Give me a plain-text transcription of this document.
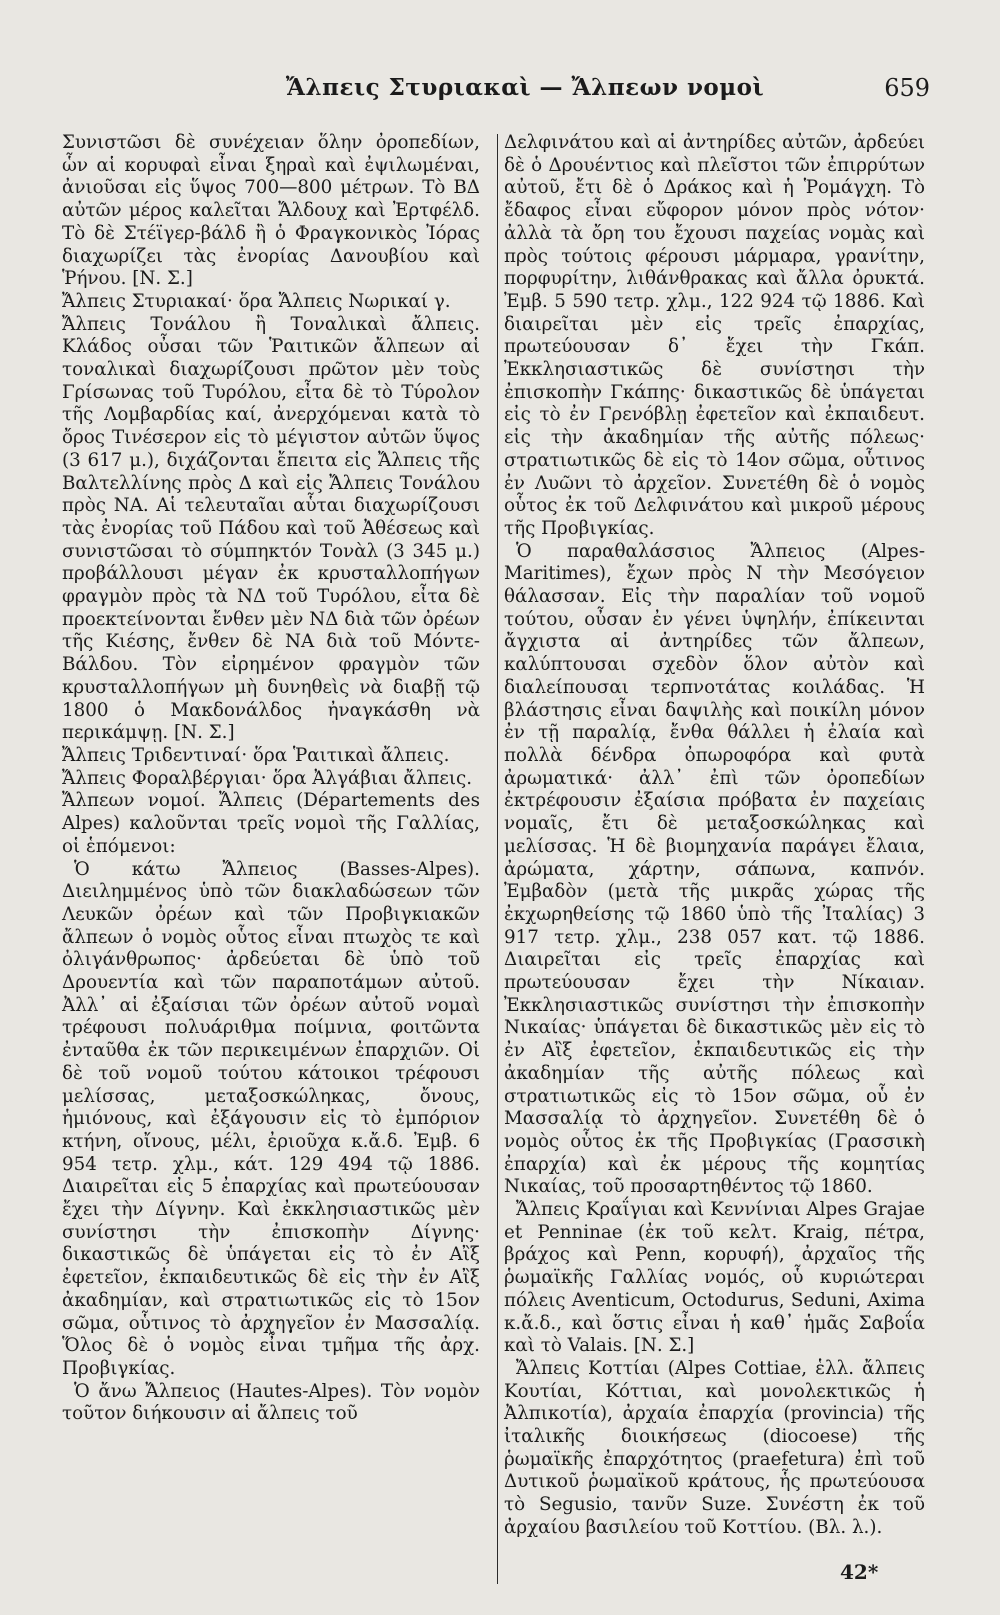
Ἄλπεις Στυριακαὶ — Ἄλπεων νομοὶ	659

Συνιστῶσι δὲ συνέχειαν ὅλην ὀροπεδίων, ὧν αἱ κορυφαὶ εἶναι ξηραὶ καὶ ἐψιλωμέναι, ἀνιοῦσαι εἰς ὕψος 700—800 μέτρων. Τὸ ΒΔ αὐτῶν μέρος καλεῖται Ἄλδουχ καὶ Ἐρτφέλδ. Τὸ δὲ Στέϊγερ-βάλδ ἢ ὁ Φραγκονικὸς Ἰόρας διαχωρίζει τὰς ἐνορίας Δανουβίου καὶ Ῥήνου. [Ν. Σ.]

Ἄλπεις Στυριακαί· ὅρα Ἄλπεις Νωρικαί γ.

Ἄλπεις Τονάλου ἢ Τοναλικαὶ ἄλπεις. Κλάδος οὖσαι τῶν Ῥαιτικῶν ἄλπεων αἱ τοναλικαὶ διαχωρίζουσι πρῶτον μὲν τοὺς Γρίσωνας τοῦ Τυρόλου, εἶτα δὲ τὸ Τύρολον τῆς Λομβαρδίας καί, ἀνερχόμεναι κατὰ τὸ ὄρος Τινέσερον εἰς τὸ μέγιστον αὐτῶν ὕψος (3 617 μ.), διχάζονται ἔπειτα εἰς Ἄλπεις τῆς Βαλτελλίνης πρὸς Δ καὶ εἰς Ἄλπεις Τονάλου πρὸς ΝΑ. Αἱ τελευταῖαι αὗται διαχωρίζουσι τὰς ἐνορίας τοῦ Πάδου καὶ τοῦ Ἀθέσεως καὶ συνιστῶσαι τὸ σύμπηκτόν Τονὰλ (3 345 μ.) προβάλλουσι μέγαν ἐκ κρυσταλλοπήγων φραγμὸν πρὸς τὰ ΝΔ τοῦ Τυρόλου, εἶτα δὲ προεκτείνονται ἔνθεν μὲν ΝΔ διὰ τῶν ὀρέων τῆς Κιέσης, ἔνθεν δὲ ΝΑ διὰ τοῦ Μόντε-Βάλδου. Τὸν εἰρημένον φραγμὸν τῶν κρυσταλλοπήγων μὴ δυνηθεὶς νὰ διαβῇ τῷ 1800 ὁ Μακδονάλδος ἠναγκάσθη νὰ περικάμψῃ. [Ν. Σ.]

Ἄλπεις Τριδεντιναί· ὅρα Ῥαιτικαὶ ἄλπεις.

Ἄλπεις Φοραλβέργιαι· ὅρα Ἀλγάβιαι ἄλπεις.

Ἄλπεων νομοί. Ἄλπεις (Départements des Alpes) καλοῦνται τρεῖς νομοὶ τῆς Γαλλίας, οἱ ἑπόμενοι:

Ὁ κάτω Ἄλπειος (Basses-Alpes). Διειλημμένος ὑπὸ τῶν διακλαδώσεων τῶν Λευκῶν ὀρέων καὶ τῶν Προβιγκιακῶν ἄλπεων ὁ νομὸς οὗτος εἶναι πτωχὸς τε καὶ ὀλιγάνθρωπος· ἀρδεύεται δὲ ὑπὸ τοῦ Δρουεντία καὶ τῶν παραποτάμων αὐτοῦ. Ἀλλ᾽ αἱ ἐξαίσιαι τῶν ὀρέων αὐτοῦ νομαὶ τρέφουσι πολυάριθμα ποίμνια, φοιτῶντα ἐνταῦθα ἐκ τῶν περικειμένων ἐπαρχιῶν. Οἱ δὲ τοῦ νομοῦ τούτου κάτοικοι τρέφουσι μελίσσας, μεταξοσκώληκας, ὄνους, ἡμιόνους, καὶ ἐξάγουσιν εἰς τὸ ἐμπόριον κτήνη, οἴνους, μέλι, ἐριοῦχα κ.ἄ.δ. Ἐμβ. 6 954 τετρ. χλμ., κάτ. 129 494 τῷ 1886. Διαιρεῖται εἰς 5 ἐπαρχίας καὶ πρωτεύουσαν ἔχει τὴν Δίγνην. Καὶ ἐκκλησιαστικῶς μὲν συνίστησι τὴν ἐπισκοπὴν Δίγνης· δικαστικῶς δὲ ὑπάγεται εἰς τὸ ἐν Αἲξ ἐφετεῖον, ἐκπαιδευτικῶς δὲ εἰς τὴν ἐν Αἲξ ἀκαδημίαν, καὶ στρατιωτικῶς εἰς τὸ 15ον σῶμα, οὗτινος τὸ ἀρχηγεῖον ἐν Μασσαλίᾳ. Ὅλος δὲ ὁ νομὸς εἶναι τμῆμα τῆς ἀρχ. Προβιγκίας.

Ὁ ἄνω Ἄλπειος (Hautes-Alpes). Τὸν νομὸν τοῦτον διήκουσιν αἱ ἄλπεις τοῦ

Δελφινάτου καὶ αἱ ἀντηρίδες αὐτῶν, ἀρδεύει δὲ ὁ Δρουέντιος καὶ πλεῖστοι τῶν ἐπιρρύτων αὐτοῦ, ἔτι δὲ ὁ Δράκος καὶ ἡ Ῥομάγχη. Τὸ ἔδαφος εἶναι εὔφορον μόνον πρὸς νότον· ἀλλὰ τὰ ὄρη του ἔχουσι παχείας νομὰς καὶ πρὸς τούτοις φέρουσι μάρμαρα, γρανίτην, πορφυρίτην, λιθάνθρακας καὶ ἄλλα ὀρυκτά. Ἐμβ. 5 590 τετρ. χλμ., 122 924 τῷ 1886. Καὶ διαιρεῖται μὲν εἰς τρεῖς ἐπαρχίας, πρωτεύουσαν δ᾽ ἔχει τὴν Γκάπ. Ἐκκλησιαστικῶς δὲ συνίστησι τὴν ἐπισκοπὴν Γκάπης· δικαστικῶς δὲ ὑπάγεται εἰς τὸ ἐν Γρενόβλῃ ἐφετεῖον καὶ ἐκπαιδευτ. εἰς τὴν ἀκαδημίαν τῆς αὐτῆς πόλεως· στρατιωτικῶς δὲ εἰς τὸ 14ον σῶμα, οὗτινος ἐν Λυῶνι τὸ ἀρχεῖον. Συνετέθη δὲ ὁ νομὸς οὗτος ἐκ τοῦ Δελφινάτου καὶ μικροῦ μέρους τῆς Προβιγκίας.

Ὁ παραθαλάσσιος Ἄλπειος (Alpes-Maritimes), ἔχων πρὸς Ν τὴν Μεσόγειον θάλασσαν. Εἰς τὴν παραλίαν τοῦ νομοῦ τούτου, οὖσαν ἐν γένει ὑψηλήν, ἐπίκεινται ἄγχιστα αἱ ἀντηρίδες τῶν ἄλπεων, καλύπτουσαι σχεδὸν ὅλον αὐτὸν καὶ διαλείπουσαι τερπνοτάτας κοιλάδας. Ἡ βλάστησις εἶναι δαψιλὴς καὶ ποικίλη μόνον ἐν τῇ παραλίᾳ, ἔνθα θάλλει ἡ ἐλαία καὶ πολλὰ δένδρα ὀπωροφόρα καὶ φυτὰ ἀρωματικά· ἀλλ᾽ ἐπὶ τῶν ὀροπεδίων ἐκτρέφουσιν ἐξαίσια πρόβατα ἐν παχείαις νομαῖς, ἔτι δὲ μεταξοσκώληκας καὶ μελίσσας. Ἡ δὲ βιομηχανία παράγει ἔλαια, ἀρώματα, χάρτην, σάπωνα, καπνόν. Ἐμβαδὸν (μετὰ τῆς μικρᾶς χώρας τῆς ἐκχωρηθείσης τῷ 1860 ὑπὸ τῆς Ἰταλίας) 3 917 τετρ. χλμ., 238 057 κατ. τῷ 1886. Διαιρεῖται εἰς τρεῖς ἐπαρχίας καὶ πρωτεύουσαν ἔχει τὴν Νίκαιαν. Ἐκκλησιαστικῶς συνίστησι τὴν ἐπισκοπὴν Νικαίας· ὑπάγεται δὲ δικαστικῶς μὲν εἰς τὸ ἐν Αἲξ ἐφετεῖον, ἐκπαιδευτικῶς εἰς τὴν ἀκαδημίαν τῆς αὐτῆς πόλεως καὶ στρατιωτικῶς εἰς τὸ 15ον σῶμα, οὗ ἐν Μασσαλίᾳ τὸ ἀρχηγεῖον. Συνετέθη δὲ ὁ νομὸς οὗτος ἐκ τῆς Προβιγκίας (Γρασσικὴ ἐπαρχία) καὶ ἐκ μέρους τῆς κομητίας Νικαίας, τοῦ προσαρτηθέντος τῷ 1860.

Ἄλπεις Κραΐγιαι καὶ Κεννίνιαι Alpes Grajae et Penninae (ἐκ τοῦ κελτ. Kraig, πέτρα, βράχος καὶ Penn, κορυφή), ἀρχαῖος τῆς ῥωμαϊκῆς Γαλλίας νομός, οὗ κυριώτεραι πόλεις Aventicum, Octodurus, Seduni, Axima κ.ἄ.δ., καὶ ὅστις εἶναι ἡ καθ᾽ ἡμᾶς Σαβοΐα καὶ τὸ Valais. [Ν. Σ.]

Ἄλπεις Κοττίαι (Alpes Cottiae, ἑλλ. ἄλπεις Κουτίαι, Κόττιαι, καὶ μονολεκτικῶς ἡ Ἀλπικοτία), ἀρχαία ἐπαρχία (provincia) τῆς ἰταλικῆς διοικήσεως (diocoese) τῆς ῥωμαϊκῆς ἐπαρχότητος (praefetura) ἐπὶ τοῦ Δυτικοῦ ῥωμαϊκοῦ κράτους, ἧς πρωτεύουσα τὸ Segusio, τανῦν Suze. Συνέστη ἐκ τοῦ ἀρχαίου βασιλείου τοῦ Κοττίου. (Βλ. λ.).

42*
